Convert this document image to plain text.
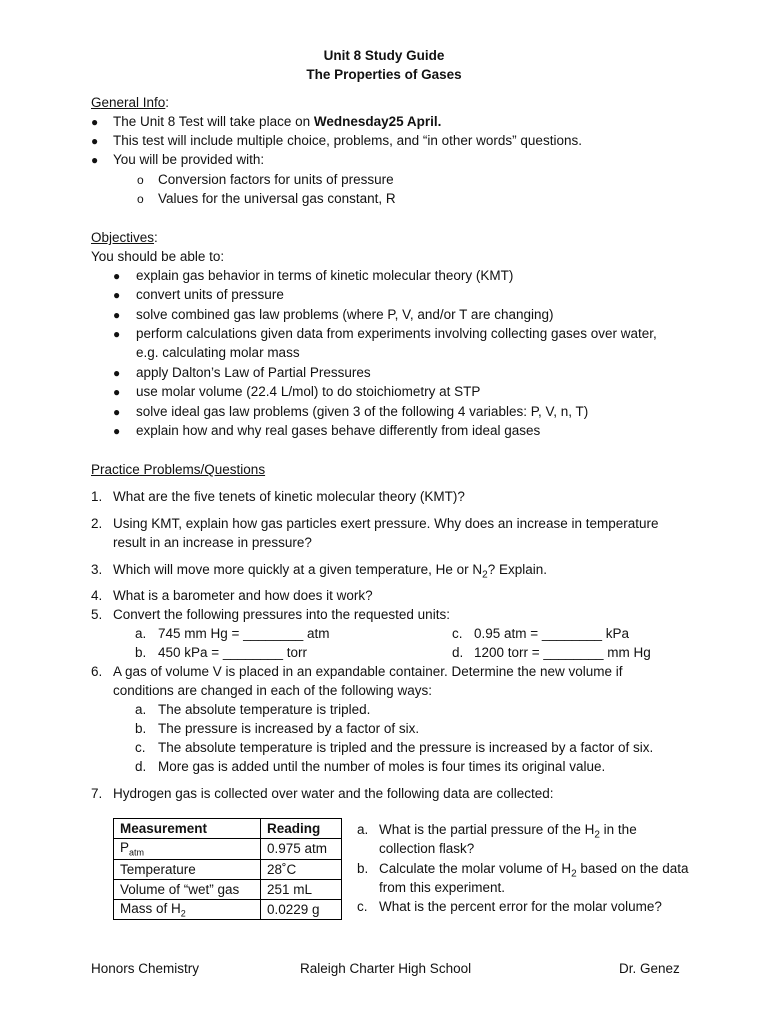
Unit 8 Study Guide
The Properties of Gases
General Info:
● The Unit 8 Test will take place on Wednesday25 April.
● This test will include multiple choice, problems, and “in other words” questions.
● You will be provided with:
o Conversion factors for units of pressure
o Values for the universal gas constant, R
Objectives:
You should be able to:
● explain gas behavior in terms of kinetic molecular theory (KMT)
● convert units of pressure
● solve combined gas law problems (where P, V, and/or T are changing)
● perform calculations given data from experiments involving collecting gases over water,
e.g. calculating molar mass
● apply Dalton’s Law of Partial Pressures
● use molar volume (22.4 L/mol) to do stoichiometry at STP
● solve ideal gas law problems (given 3 of the following 4 variables: P, V, n, T)
● explain how and why real gases behave differently from ideal gases
Practice Problems/Questions
1. What are the five tenets of kinetic molecular theory (KMT)?
2. Using KMT, explain how gas particles exert pressure. Why does an increase in temperature
result in an increase in pressure?
3. Which will move more quickly at a given temperature, He or $N_2$? Explain.
4. What is a barometer and how does it work?
5. Convert the following pressures into the requested units:
a. 745 mm Hg = ________ atm
b. 450 kPa = ________ torr
c. 0.95 atm = ________ kPa
d. 1200 torr = ________ mm Hg
6. A gas of volume V is placed in an expandable container. Determine the new volume if
conditions are changed in each of the following ways:
a. The absolute temperature is tripled.
b. The pressure is increased by a factor of six.
c. The absolute temperature is tripled and the pressure is increased by a factor of six.
d. More gas is added until the number of moles is four times its original value.
7. Hydrogen gas is collected over water and the following data are collected:
Measurement	Reading
$P_{atm}$	0.975 atm
Temperature	28˚C
Volume of “wet” gas	251 mL
Mass of $H_2$	0.0229 g
a. What is the partial pressure of the $H_2$ in the
collection flask?
b. Calculate the molar volume of $H_2$ based on the data
from this experiment.
c. What is the percent error for the molar volume?
Honors Chemistry	Raleigh Charter High School	Dr. Genez
